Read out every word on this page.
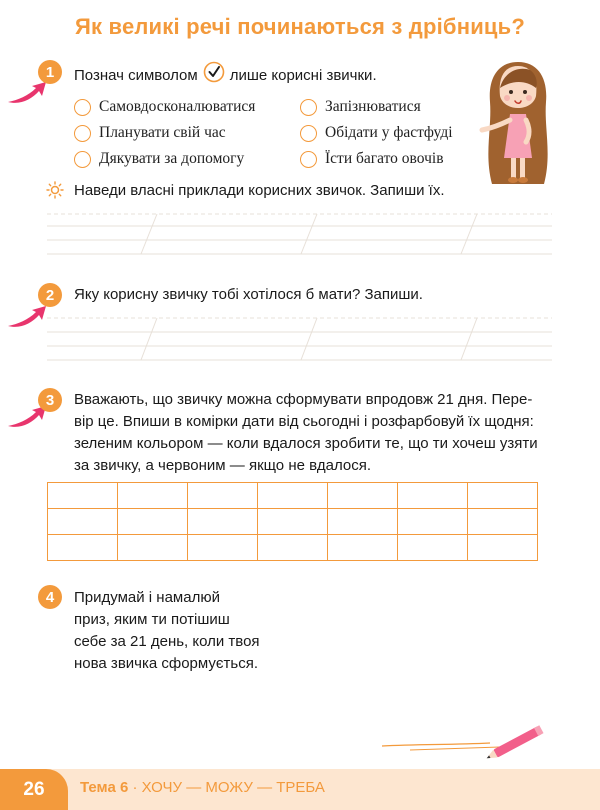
Як великі речі починаються з дрібниць?
1	Познач символом лише корисні звички.
Самовдосконалюватися
Планувати свій час
Дякувати за допомогу
Запізнюватися
Обідати у фастфуді
Їсти багато овочів
Наведи власні приклади корисних звичок. Запиши їх.
2	Яку корисну звичку тобі хотілося б мати? Запиши.
3	Вважають, що звичку можна сформувати впродовж 21 дня. Пере-
вір це. Впиши в комірки дати від сьогодні і розфарбовуй їх щодня:
зеленим кольором — коли вдалося зробити те, що ти хочеш узяти
за звичку, а червоним — якщо не вдалося.

4	Придумай і намалюй
приз, яким ти потішиш
себе за 21 день, коли твоя
нова звичка сформується.
26	Тема 6 · ХОЧУ — МОЖУ — ТРЕБА
